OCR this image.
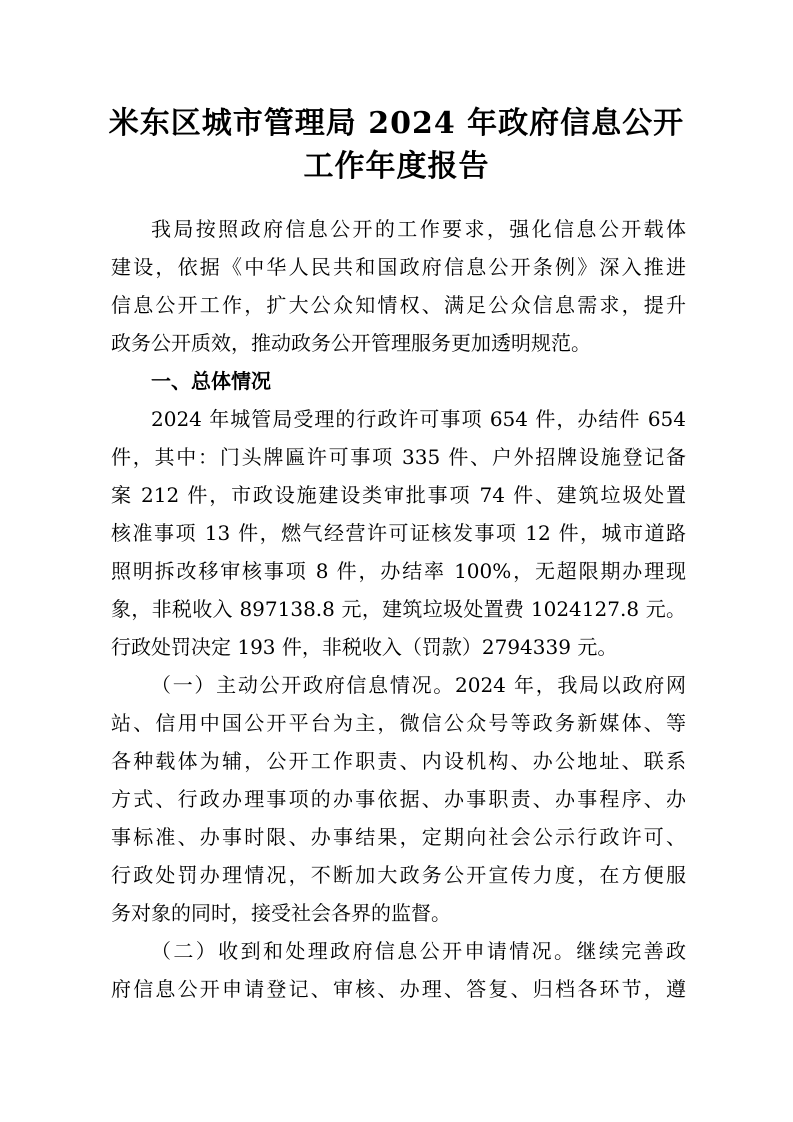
米东区城市管理局 2024 年政府信息公开
工作年度报告
我局按照政府信息公开的工作要求，强化信息公开载体
建设，依据《中华人民共和国政府信息公开条例》深入推进
信息公开工作，扩大公众知情权、满足公众信息需求，提升
政务公开质效，推动政务公开管理服务更加透明规范。
一、总体情况
2024 年城管局受理的行政许可事项 654 件，办结件 654
件，其中：门头牌匾许可事项 335 件、户外招牌设施登记备
案 212 件，市政设施建设类审批事项 74 件、建筑垃圾处置
核准事项 13 件，燃气经营许可证核发事项 12 件，城市道路
照明拆改移审核事项 8 件，办结率 100%，无超限期办理现
象，非税收入 897138.8 元，建筑垃圾处置费 1024127.8 元。
行政处罚决定 193 件，非税收入（罚款）2794339 元。
（一）主动公开政府信息情况。2024 年，我局以政府网
站、信用中国公开平台为主，微信公众号等政务新媒体、等
各种载体为辅，公开工作职责、内设机构、办公地址、联系
方式、行政办理事项的办事依据、办事职责、办事程序、办
事标准、办事时限、办事结果，定期向社会公示行政许可、
行政处罚办理情况，不断加大政务公开宣传力度，在方便服
务对象的同时，接受社会各界的监督。
（二）收到和处理政府信息公开申请情况。继续完善政
府信息公开申请登记、审核、办理、答复、归档各环节，遵
